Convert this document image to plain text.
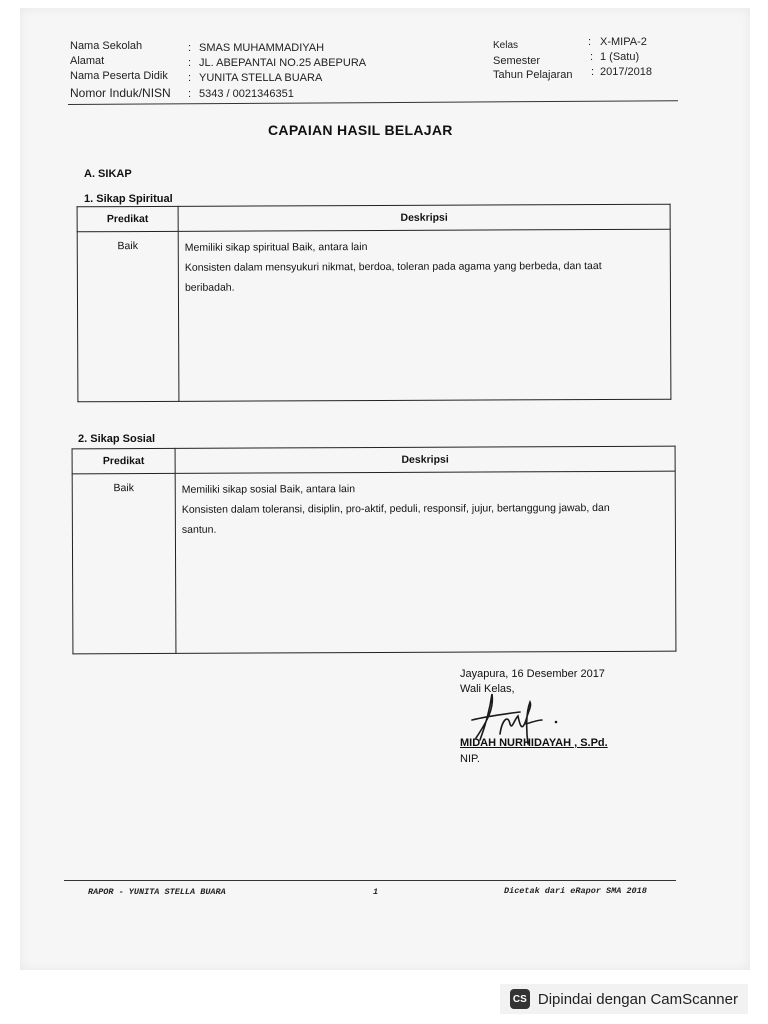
Nama Sekolah	: SMAS MUHAMMADIYAH
Alamat	: JL. ABEPANTAI NO.25 ABEPURA
Nama Peserta Didik : YUNITA STELLA BUARA
Nomor Induk/NISN : 5343 / 0021346351
Kelas	: X-MIPA-2
Semester	: 1 (Satu)
Tahun Pelajaran : 2017/2018
CAPAIAN HASIL BELAJAR
A. SIKAP
1. Sikap Spiritual
Predikat	Deskripsi
Baik	Memiliki sikap spiritual Baik, antara lain
Konsisten dalam mensyukuri nikmat, berdoa, toleran pada agama yang berbeda, dan taat
beribadah.
2. Sikap Sosial
Predikat	Deskripsi
Baik	Memiliki sikap sosial Baik, antara lain
Konsisten dalam toleransi, disiplin, pro-aktif, peduli, responsif, jujur, bertanggung jawab, dan
santun.
Jayapura, 16 Desember 2017
Wali Kelas,
MIDAH NURHIDAYAH , S.Pd.
NIP.
RAPOR - YUNITA STELLA BUARA	1	Dicetak dari eRapor SMA 2018
CS Dipindai dengan CamScanner
